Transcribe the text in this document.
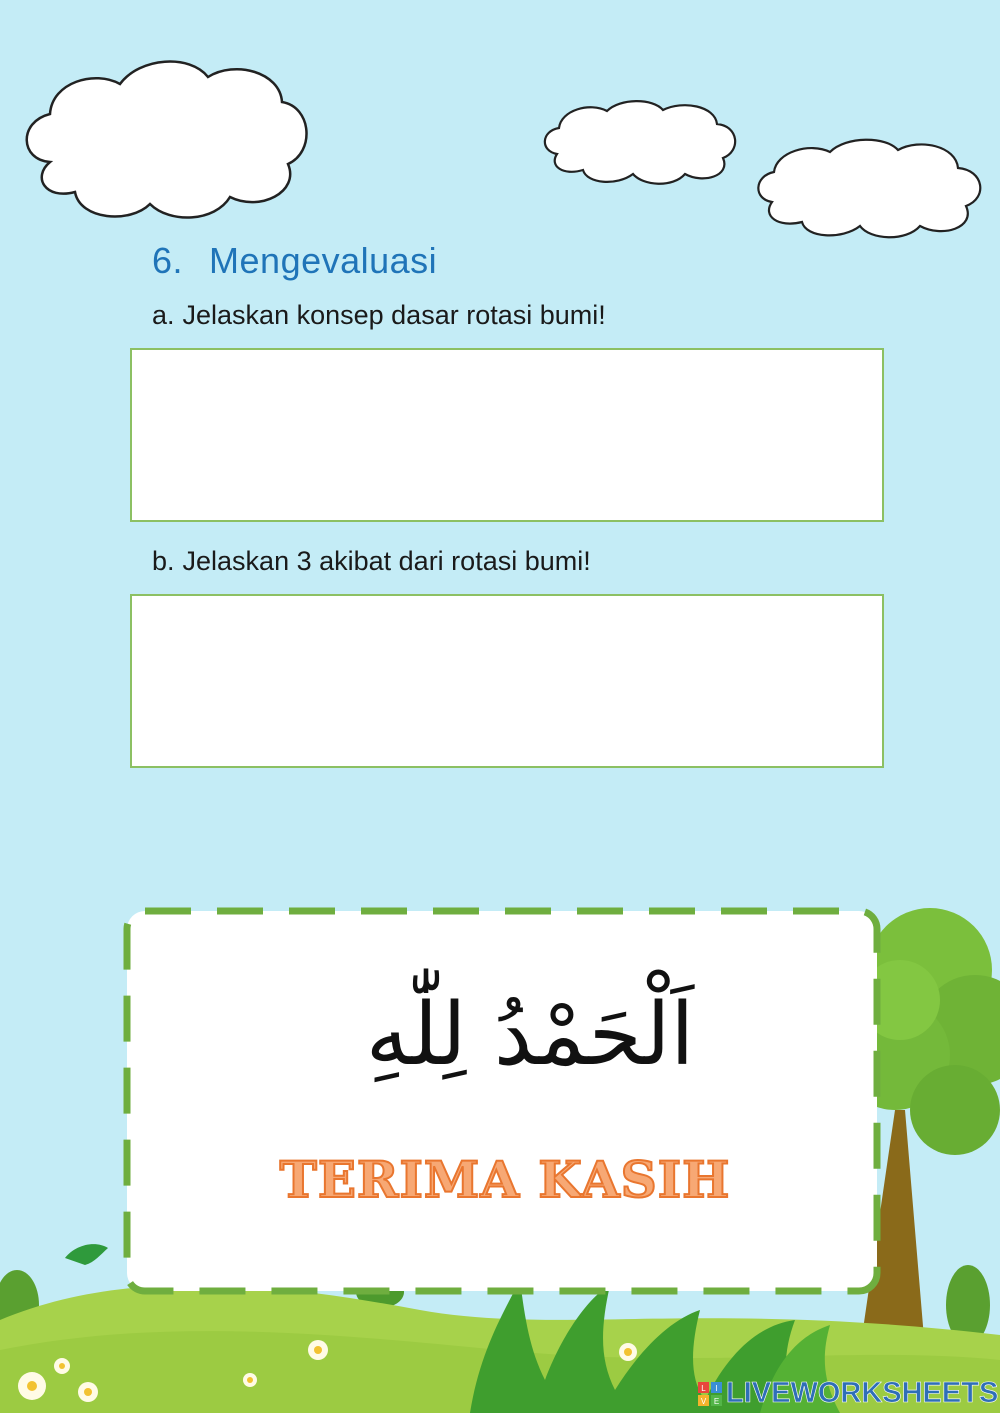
6. Mengevaluasi
a. Jelaskan konsep dasar rotasi bumi!
b. Jelaskan 3 akibat dari rotasi bumi!
اَلْحَمْدُ لِلّٰهِ
TERIMA KASIH
L I
V E LIVEWORKSHEETS
